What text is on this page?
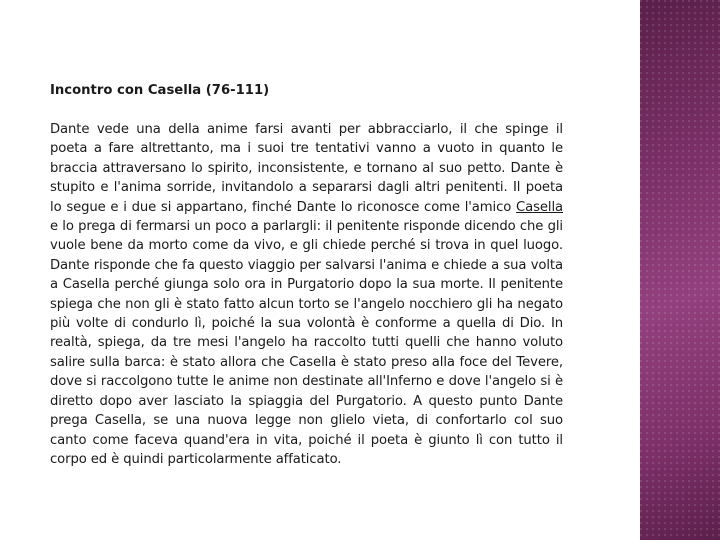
Incontro con Casella (76-111)

Dante vede una della anime farsi avanti per abbracciarlo, il che spinge il poeta a fare altrettanto, ma i suoi tre tentativi vanno a vuoto in quanto le braccia attraversano lo spirito, inconsistente, e tornano al suo petto. Dante è stupito e l'anima sorride, invitandolo a separarsi dagli altri penitenti. Il poeta lo segue e i due si appartano, finché Dante lo riconosce come l'amico Casella e lo prega di fermarsi un poco a parlargli: il penitente risponde dicendo che gli vuole bene da morto come da vivo, e gli chiede perché si trova in quel luogo. Dante risponde che fa questo viaggio per salvarsi l'anima e chiede a sua volta a Casella perché giunga solo ora in Purgatorio dopo la sua morte. Il penitente spiega che non gli è stato fatto alcun torto se l'angelo nocchiero gli ha negato più volte di condurlo lì, poiché la sua volontà è conforme a quella di Dio. In realtà, spiega, da tre mesi l'angelo ha raccolto tutti quelli che hanno voluto salire sulla barca: è stato allora che Casella è stato preso alla foce del Tevere, dove si raccolgono tutte le anime non destinate all'Inferno e dove l'angelo si è diretto dopo aver lasciato la spiaggia del Purgatorio. A questo punto Dante prega Casella, se una nuova legge non glielo vieta, di confortarlo col suo canto come faceva quand'era in vita, poiché il poeta è giunto lì con tutto il corpo ed è quindi particolarmente affaticato.
